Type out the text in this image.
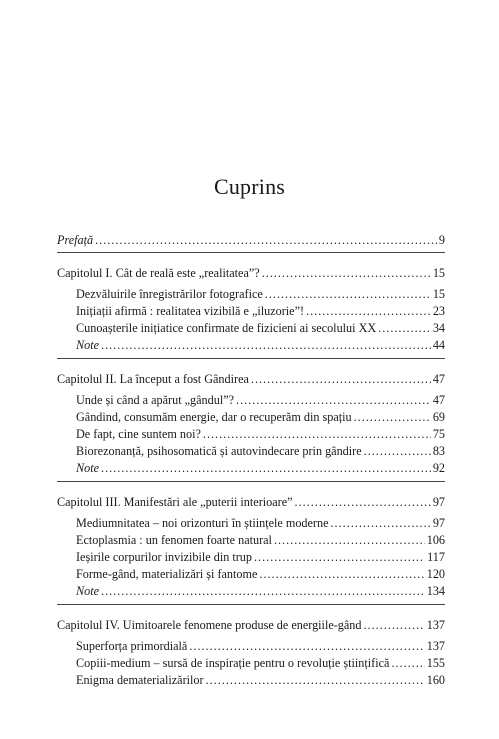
Cuprins
Prefață .....	9
Capitolul I. Cât de reală este „realitatea”? .....	15
Dezvăluirile înregistrărilor fotografice .....	15
Inițiații afirmă : realitatea vizibilă e „iluzorie”! .....	23
Cunoașterile inițiatice confirmate de fizicieni ai secolului XX .....	34
Note .....	44
Capitolul II. La început a fost Gândirea .....	47
Unde și când a apărut „gândul”? .....	47
Gândind, consumăm energie, dar o recuperăm din spațiu .....	69
De fapt, cine suntem noi? .....	75
Biorezonanță, psihosomatică și autovindecare prin gândire .....	83
Note .....	92
Capitolul III. Manifestări ale „puterii interioare” .....	97
Mediumnitatea – noi orizonturi în științele moderne .....	97
Ectoplasmia : un fenomen foarte natural .....	106
Ieșirile corpurilor invizibile din trup .....	117
Forme-gând, materializări și fantome .....	120
Note .....	134
Capitolul IV. Uimitoarele fenomene produse de energiile-gând .....	137
Superforța primordială .....	137
Copiii-medium – sursă de inspirație pentru o revoluție științifică .....	155
Enigma dematerializărilor .....	160
